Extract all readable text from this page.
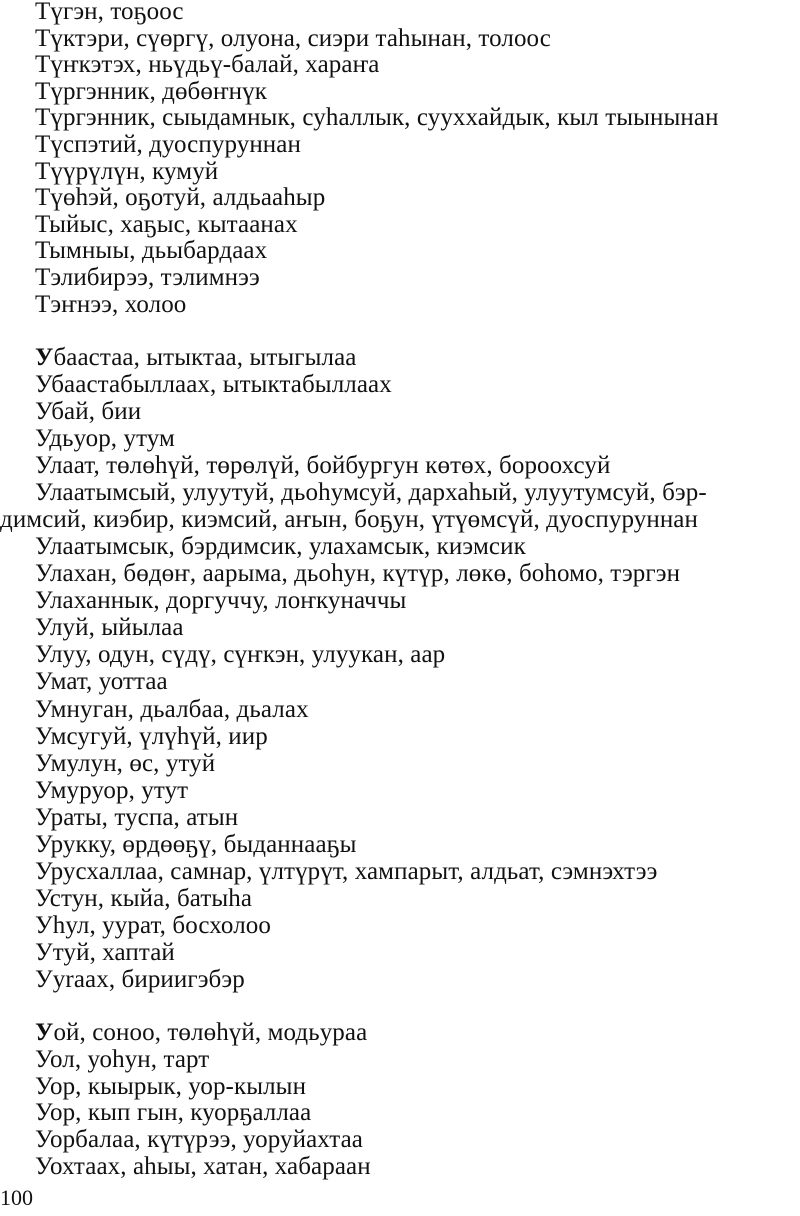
Түгэн, тоҕоос
Түктэри, сүөргү, олуона, сиэри таһынан, толоос
Түҥкэтэх, ньүдьү-балай, хараҥа
Түргэнник, дөбөҥнүк
Түргэнник, сыыдамнык, суһаллык, сууххайдык, кыл тыынынан
Түспэтий, дуоспуруннан
Түүрүлүн, кумуй
Түөһэй, оҕотуй, алдьааһыр
Тыйыс, хаҕыс, кытаанах
Тымныы, дьыбардаах
Тэлибирээ, тэлимнээ
Тэҥнээ, холоо
Убаастаа, ытыктаа, ытыгылаа
Убаастабыллаах, ытыктабыллаах
Убай, бии
Удьуор, утум
Улаат, төлөһүй, төрөлүй, бойбургун көтөх, бороохсуй
Улаатымсый, улуутуй, дьоһумсуй, дархаһый, улуутумсуй, бэр-
димсий, киэбир, киэмсий, аҥын, боҕун, үтүөмсүй, дуоспуруннан
Улаатымсык, бэрдимсик, улахамсык, киэмсик
Улахан, бөдөҥ, аарыма, дьоһун, күтүр, лөкө, боһомо, тэргэн
Улаханнык, доргуччу, лоҥкуначчы
Улуй, ыйылаа
Улуу, одун, сүдү, сүҥкэн, улуукан, аар
Умат, уоттаа
Умнуган, дьалбаа, дьалах
Умсугуй, үлүһүй, иир
Умулун, өс, утуй
Умуруор, утут
Ураты, туспа, атын
Урукку, өрдөөҕү, быданнааҕы
Урусхаллаа, самнар, үлтүрүт, хампарыт, алдьат, сэмнэхтээ
Устун, кыйа, батыһа
Уһул, уурат, босхолоо
Утуй, хаптай
Ууraах, бириигэбэр
Уой, соноо, төлөһүй, модьураа
Уол, уоһун, тарт
Уор, кыырык, уор-кылын
Уор, кып гын, куорҕаллаа
Уорбалаа, күтүрээ, уоруйахтаа
Уохтаах, аһыы, хатан, хабараан
100
